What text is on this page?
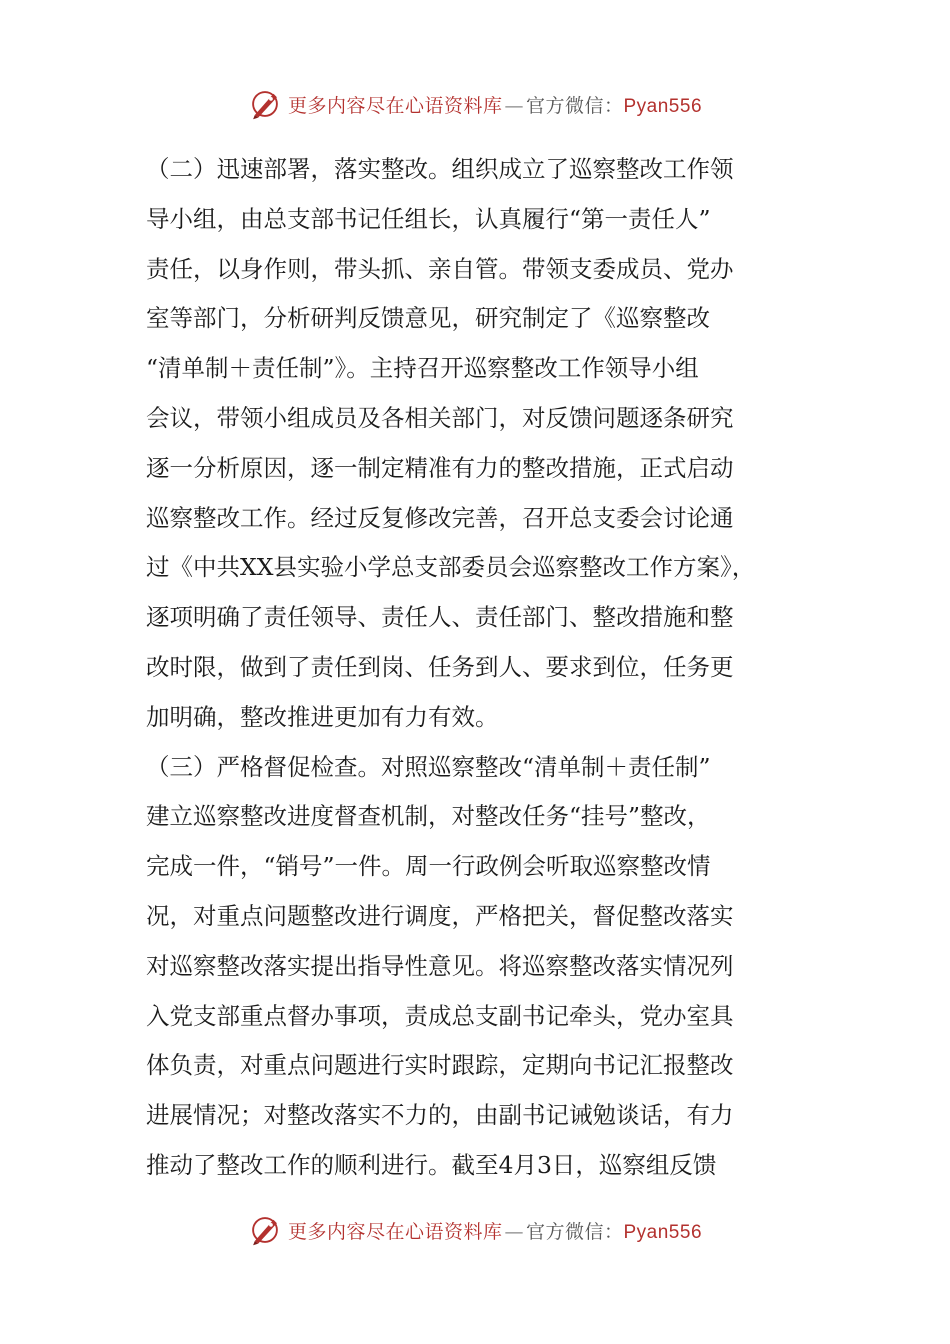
更多内容尽在心语资料库 — 官方微信：Pyan556
（二）迅速部署，落实整改。组织成立了巡察整改工作领
导小组，由总支部书记任组长，认真履行“第一责任人”
责任，以身作则，带头抓、亲自管。带领支委成员、党办
室等部门，分析研判反馈意见，研究制定了《巡察整改
“清单制＋责任制”》。主持召开巡察整改工作领导小组
会议，带领小组成员及各相关部门，对反馈问题逐条研究
逐一分析原因，逐一制定精准有力的整改措施，正式启动
巡察整改工作。经过反复修改完善，召开总支委会讨论通
过《中共XX县实验小学总支部委员会巡察整改工作方案》，
逐项明确了责任领导、责任人、责任部门、整改措施和整
改时限，做到了责任到岗、任务到人、要求到位，任务更
加明确，整改推进更加有力有效。
（三）严格督促检查。对照巡察整改“清单制＋责任制”
建立巡察整改进度督查机制，对整改任务“挂号”整改，
完成一件，“销号”一件。周一行政例会听取巡察整改情
况，对重点问题整改进行调度，严格把关，督促整改落实
对巡察整改落实提出指导性意见。将巡察整改落实情况列
入党支部重点督办事项，责成总支副书记牵头，党办室具
体负责，对重点问题进行实时跟踪，定期向书记汇报整改
进展情况；对整改落实不力的，由副书记诫勉谈话，有力
推动了整改工作的顺利进行。截至4月3日，巡察组反馈
更多内容尽在心语资料库 — 官方微信：Pyan556
